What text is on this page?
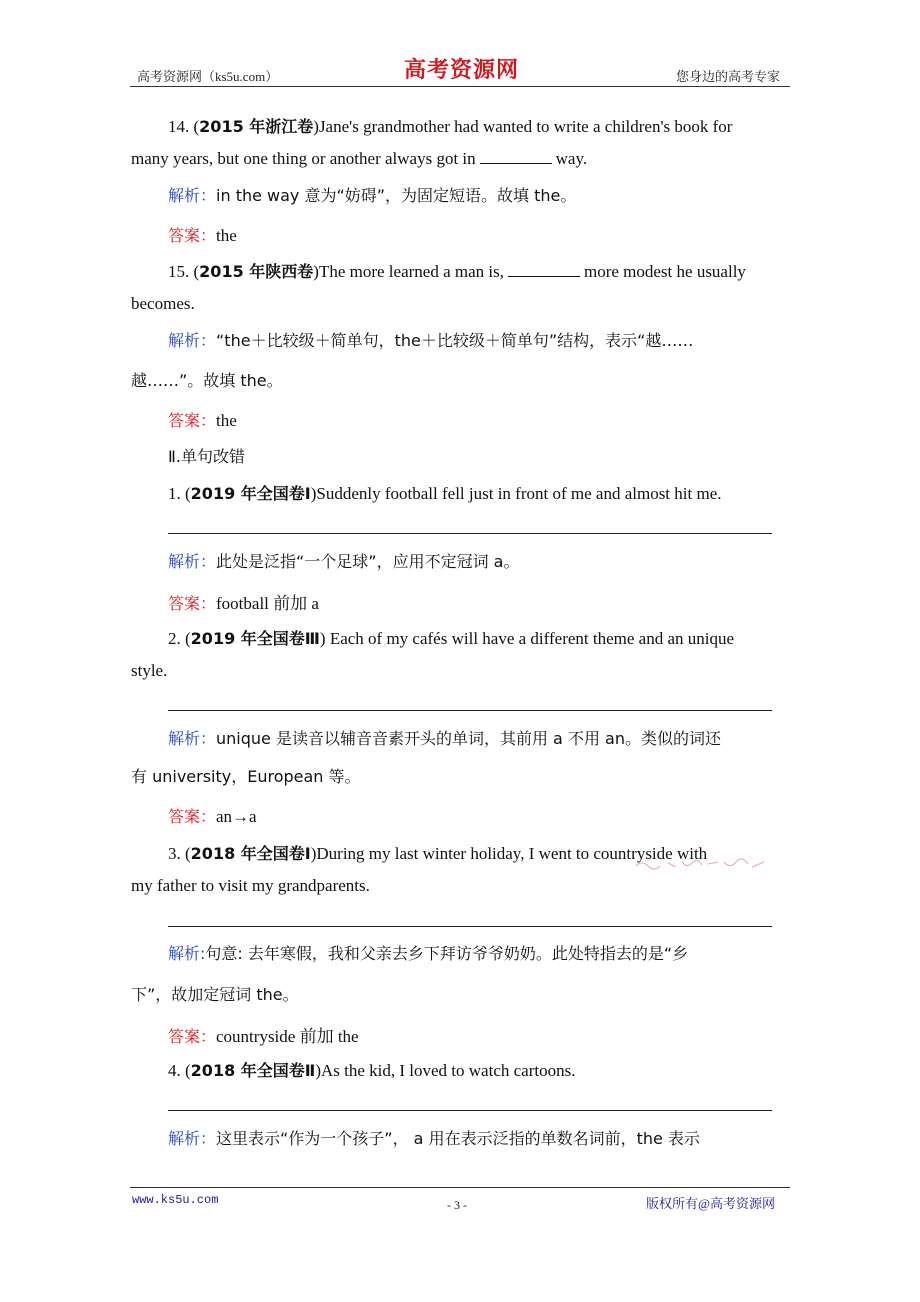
高考资源网（ks5u.com）	高考资源网	您身边的高考专家
14. (2015 年浙江卷)Jane's grandmother had wanted to write a children's book for
many years, but one thing or another always got in	way.
解析：in the way 意为“妨碍”，为固定短语。故填 the。
答案：the
15. (2015 年陕西卷)The more learned a man is,	more modest he usually
becomes.
解析：“the＋比较级＋简单句，the＋比较级＋简单句”结构，表示“越……
越……”。故填 the。
答案：the
Ⅱ.单句改错
1. (2019 年全国卷Ⅰ)Suddenly football fell just in front of me and almost hit me.
解析：此处是泛指“一个足球”，应用不定冠词 a。
答案：football 前加 a
2. (2019 年全国卷Ⅲ) Each of my cafés will have a different theme and an unique
style.
解析：unique 是读音以辅音音素开头的单词，其前用 a 不用 an。类似的词还
有 university，European 等。
答案：an→a
3. (2018 年全国卷Ⅰ)During my last winter holiday, I went to countryside with
my father to visit my grandparents.
解析:句意: 去年寒假，我和父亲去乡下拜访爷爷奶奶。此处特指去的是“乡
下”，故加定冠词 the。
答案：countryside 前加 the
4. (2018 年全国卷Ⅱ)As the kid, I loved to watch cartoons.
解析：这里表示“作为一个孩子”， a 用在表示泛指的单数名词前，the 表示
www.ks5u.com	- 3 -	版权所有@高考资源网
